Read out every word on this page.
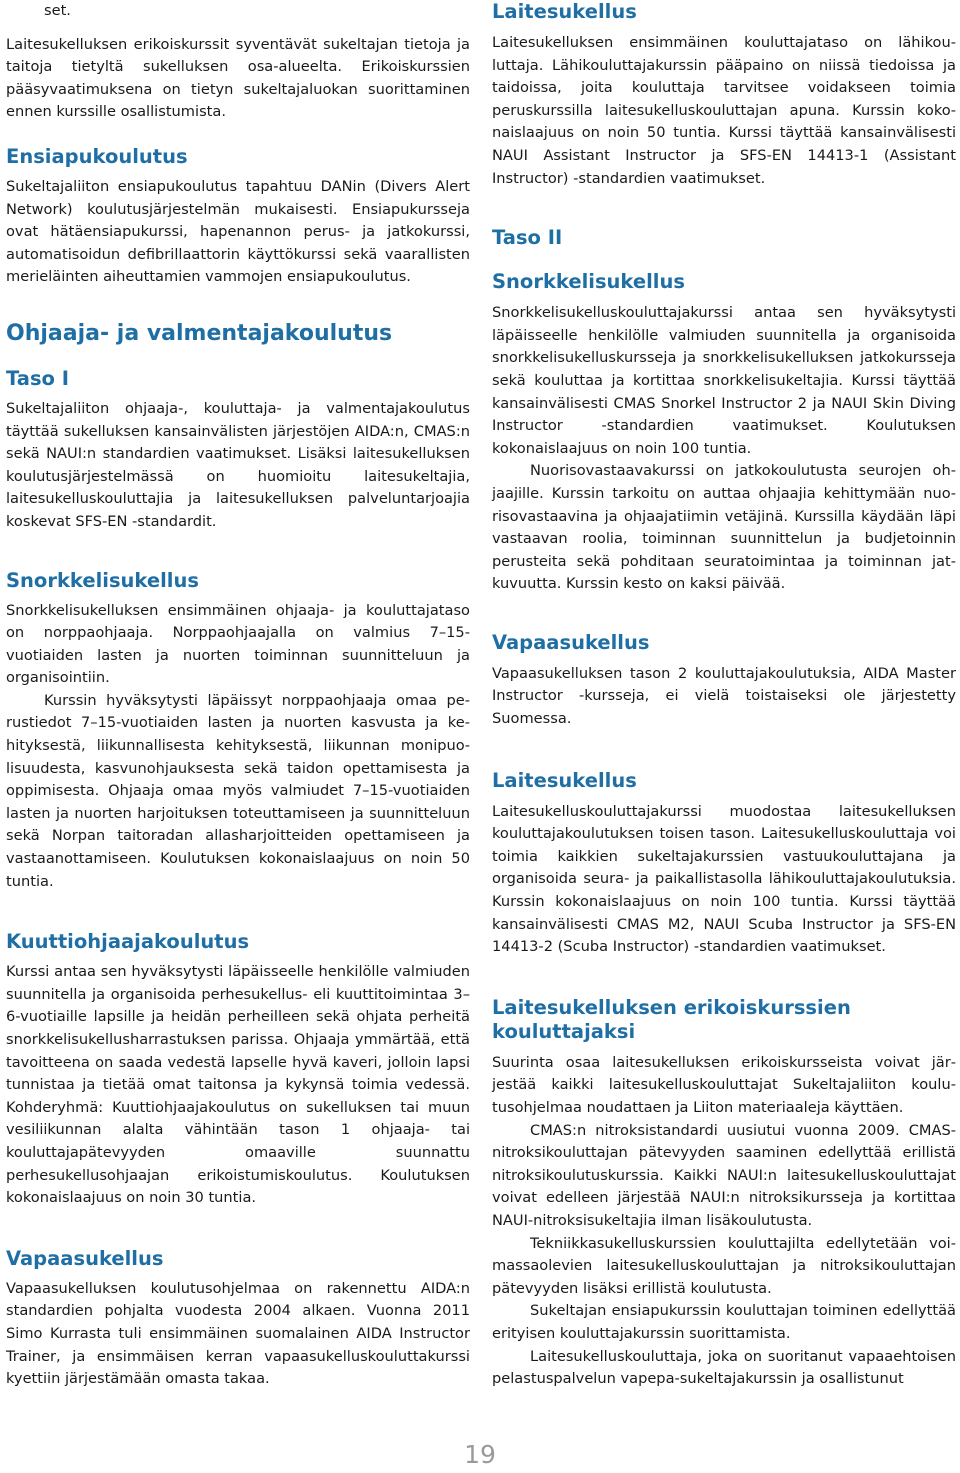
set.

Laitesukelluksen erikoiskurssit syventävät sukeltajan tietoja ja taitoja tietyltä sukelluksen osa-alueelta. Erikoiskurssien pääsyvaatimuksena on tietyn sukeltajaluokan suorittaminen ennen kurssille osallistumista.

Ensiapukoulutus

Sukeltajaliiton ensiapukoulutus tapahtuu DANin (Divers Alert Network) koulutusjärjestelmän mukaisesti. Ensiapukursseja ovat hätäensiapukurssi, hapenannon perus- ja jatkokurssi, automatisoidun defibrillaattorin käyttökurssi sekä vaarallisten merieläinten aiheuttamien vammojen ensiapukoulutus.

Ohjaaja- ja valmentajakoulutus
Taso I

Sukeltajaliiton ohjaaja-, kouluttaja- ja valmentajakoulutus täyttää sukelluksen kansainvälisten järjestöjen AIDA:n, CMAS:n sekä NAUI:n standardien vaatimukset. Lisäksi laitesukelluksen koulutusjärjestelmässä on huomioitu laitesukeltajia, laitesukelluskouluttajia ja laitesukelluksen palveluntarjoajia koskevat SFS-EN -standardit.

Snorkkelisukellus

Snorkkelisukelluksen ensimmäinen ohjaaja- ja kouluttajataso on norppaohjaaja. Norppaohjaajalla on valmius 7–15-vuotiaiden lasten ja nuorten toiminnan suunnitteluun ja organisointiin.

Kurssin hyväksytysti läpäissyt norppaohjaaja omaa perustiedot 7–15-vuotiaiden lasten ja nuorten kasvusta ja kehityksestä, liikunnallisesta kehityksestä, liikunnan monipuolisuudesta, kasvunohjauksesta sekä taidon opettamisesta ja oppimisesta. Ohjaaja omaa myös valmiudet 7–15-vuotiaiden lasten ja nuorten harjoituksen toteuttamiseen ja suunnitteluun sekä Norpan taitoradan allasharjoitteiden opettamiseen ja vastaanottamiseen. Koulutuksen kokonaislaajuus on noin 50 tuntia.

Kuuttiohjaajakoulutus

Kurssi antaa sen hyväksytysti läpäisseelle henkilölle valmiuden suunnitella ja organisoida perhesukellus- eli kuuttitoimintaa 3–6-vuotiaille lapsille ja heidän perheilleen sekä ohjata perheitä snorkkelisukellusharrastuksen parissa. Ohjaaja ymmärtää, että tavoitteena on saada vedestä lapselle hyvä kaveri, jolloin lapsi tunnistaa ja tietää omat taitonsa ja kykynsä toimia vedessä. Kohderyhmä: Kuuttiohjaajakoulutus on sukelluksen tai muun vesiliikunnan alalta vähintään tason 1 ohjaaja- tai kouluttajapätevyyden omaaville suunnattu perhesukellusohjaajan erikoistumiskoulutus. Koulutuksen kokonaislaajuus on noin 30 tuntia.

Vapaasukellus

Vapaasukelluksen koulutusohjelmaa on rakennettu AIDA:n standardien pohjalta vuodesta 2004 alkaen. Vuonna 2011 Simo Kurrasta tuli ensimmäinen suomalainen AIDA Instructor Trainer, ja ensimmäisen kerran vapaasukelluskouluttakurssi kyettiin järjestämään omasta takaa.

Laitesukellus

Laitesukelluksen ensimmäinen kouluttajataso on lähikouluttaja. Lähikouluttajakurssin pääpaino on niissä tiedoissa ja taidoissa, joita kouluttaja tarvitsee voidakseen toimia peruskurssilla laitesukelluskouluttajan apuna. Kurssin kokonaislaajuus on noin 50 tuntia. Kurssi täyttää kansainvälisesti NAUI Assistant Instructor ja SFS-EN 14413-1 (Assistant Instructor) -standardien vaatimukset.

Taso II
Snorkkelisukellus

Snorkkelisukelluskouluttajakurssi antaa sen hyväksytysti läpäisseelle henkilölle valmiuden suunnitella ja organisoida snorkkelisukelluskursseja ja snorkkelisukelluksen jatkokursseja sekä kouluttaa ja kortittaa snorkkelisukeltajia. Kurssi täyttää kansainvälisesti CMAS Snorkel Instructor 2 ja NAUI Skin Diving Instructor -standardien vaatimukset. Koulutuksen kokonaislaajuus on noin 100 tuntia.

Nuorisovastaavakurssi on jatkokoulutusta seurojen ohjaajille. Kurssin tarkoitu on auttaa ohjaajia kehittymään nuorisovastaavina ja ohjaajatiimin vetäjinä. Kurssilla käydään läpi vastaavan roolia, toiminnan suunnittelun ja budjetoinnin perusteita sekä pohditaan seuratoimintaa ja toiminnan jatkuvuutta. Kurssin kesto on kaksi päivää.

Vapaasukellus

Vapaasukelluksen tason 2 kouluttajakoulutuksia, AIDA Master Instructor -kursseja, ei vielä toistaiseksi ole järjestetty Suomessa.

Laitesukellus

Laitesukelluskouluttajakurssi muodostaa laitesukelluksen kouluttajakoulutuksen toisen tason. Laitesukelluskouluttaja voi toimia kaikkien sukeltajakurssien vastuukouluttajana ja organisoida seura- ja paikallistasolla lähikouluttajakoulutuksia. Kurssin kokonaislaajuus on noin 100 tuntia. Kurssi täyttää kansainvälisesti CMAS M2, NAUI Scuba Instructor ja SFS-EN 14413-2 (Scuba Instructor) -standardien vaatimukset.

Laitesukelluksen erikoiskurssien kouluttajaksi

Suurinta osaa laitesukelluksen erikoiskursseista voivat järjestää kaikki laitesukelluskouluttajat Sukeltajaliiton koulutusohjelmaa noudattaen ja Liiton materiaaleja käyttäen.

CMAS:n nitroksistandardi uusiutui vuonna 2009. CMAS-nitroksikouluttajan pätevyyden saaminen edellyttää erillistä nitroksikoulutuskurssia. Kaikki NAUI:n laitesukelluskouluttajat voivat edelleen järjestää NAUI:n nitroksikursseja ja kortittaa NAUI-nitroksisukeltajia ilman lisäkoulutusta.

Tekniikkasukelluskurssien kouluttajilta edellytetään voimassaolevien laitesukelluskouluttajan ja nitroksikouluttajan pätevyyden lisäksi erillistä koulutusta.

Sukeltajan ensiapukurssin kouluttajan toiminen edellyttää erityisen kouluttajakurssin suorittamista.

Laitesukelluskouluttaja, joka on suoritanut vapaaehtoisen pelastuspalvelun vapepa-sukeltajakurssin ja osallistunut

19
